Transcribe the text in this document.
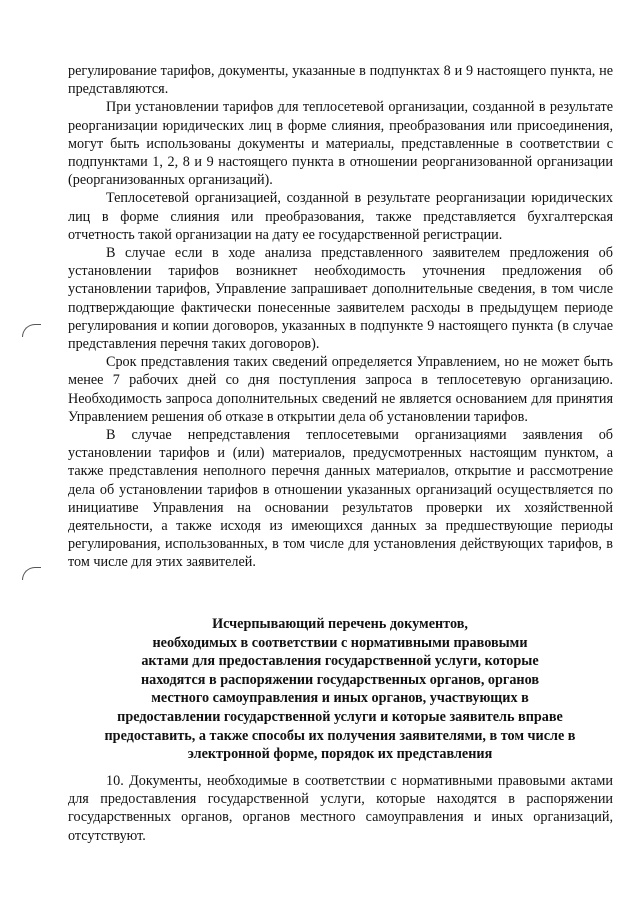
регулирование тарифов, документы, указанные в подпунктах 8 и 9 настоящего пункта, не представляются.

При установлении тарифов для теплосетевой организации, созданной в результате реорганизации юридических лиц в форме слияния, преобразования или присоединения, могут быть использованы документы и материалы, представленные в соответствии с подпунктами 1, 2, 8 и 9 настоящего пункта в отношении реорганизованной организации (реорганизованных организаций).

Теплосетевой организацией, созданной в результате реорганизации юридических лиц в форме слияния или преобразования, также представляется бухгалтерская отчетность такой организации на дату ее государственной регистрации.

В случае если в ходе анализа представленного заявителем предложения об установлении тарифов возникнет необходимость уточнения предложения об установлении тарифов, Управление запрашивает дополнительные сведения, в том числе подтверждающие фактически понесенные заявителем расходы в предыдущем периоде регулирования и копии договоров, указанных в подпункте 9 настоящего пункта (в случае представления перечня таких договоров).

Срок представления таких сведений определяется Управлением, но не может быть менее 7 рабочих дней со дня поступления запроса в теплосетевую организацию. Необходимость запроса дополнительных сведений не является основанием для принятия Управлением решения об отказе в открытии дела об установлении тарифов.

В случае непредставления теплосетевыми организациями заявления об установлении тарифов и (или) материалов, предусмотренных настоящим пунктом, а также представления неполного перечня данных материалов, открытие и рассмотрение дела об установлении тарифов в отношении указанных организаций осуществляется по инициативе Управления на основании результатов проверки их хозяйственной деятельности, а также исходя из имеющихся данных за предшествующие периоды регулирования, использованных, в том числе для установления действующих тарифов, в том числе для этих заявителей.

Исчерпывающий перечень документов,
необходимых в соответствии с нормативными правовыми
актами для предоставления государственной услуги, которые
находятся в распоряжении государственных органов, органов
местного самоуправления и иных органов, участвующих в
предоставлении государственной услуги и которые заявитель вправе
предоставить, а также способы их получения заявителями, в том числе в
электронной форме, порядок их представления

10. Документы, необходимые в соответствии с нормативными правовыми актами для предоставления государственной услуги, которые находятся в распоряжении государственных органов, органов местного самоуправления и иных организаций, отсутствуют.
